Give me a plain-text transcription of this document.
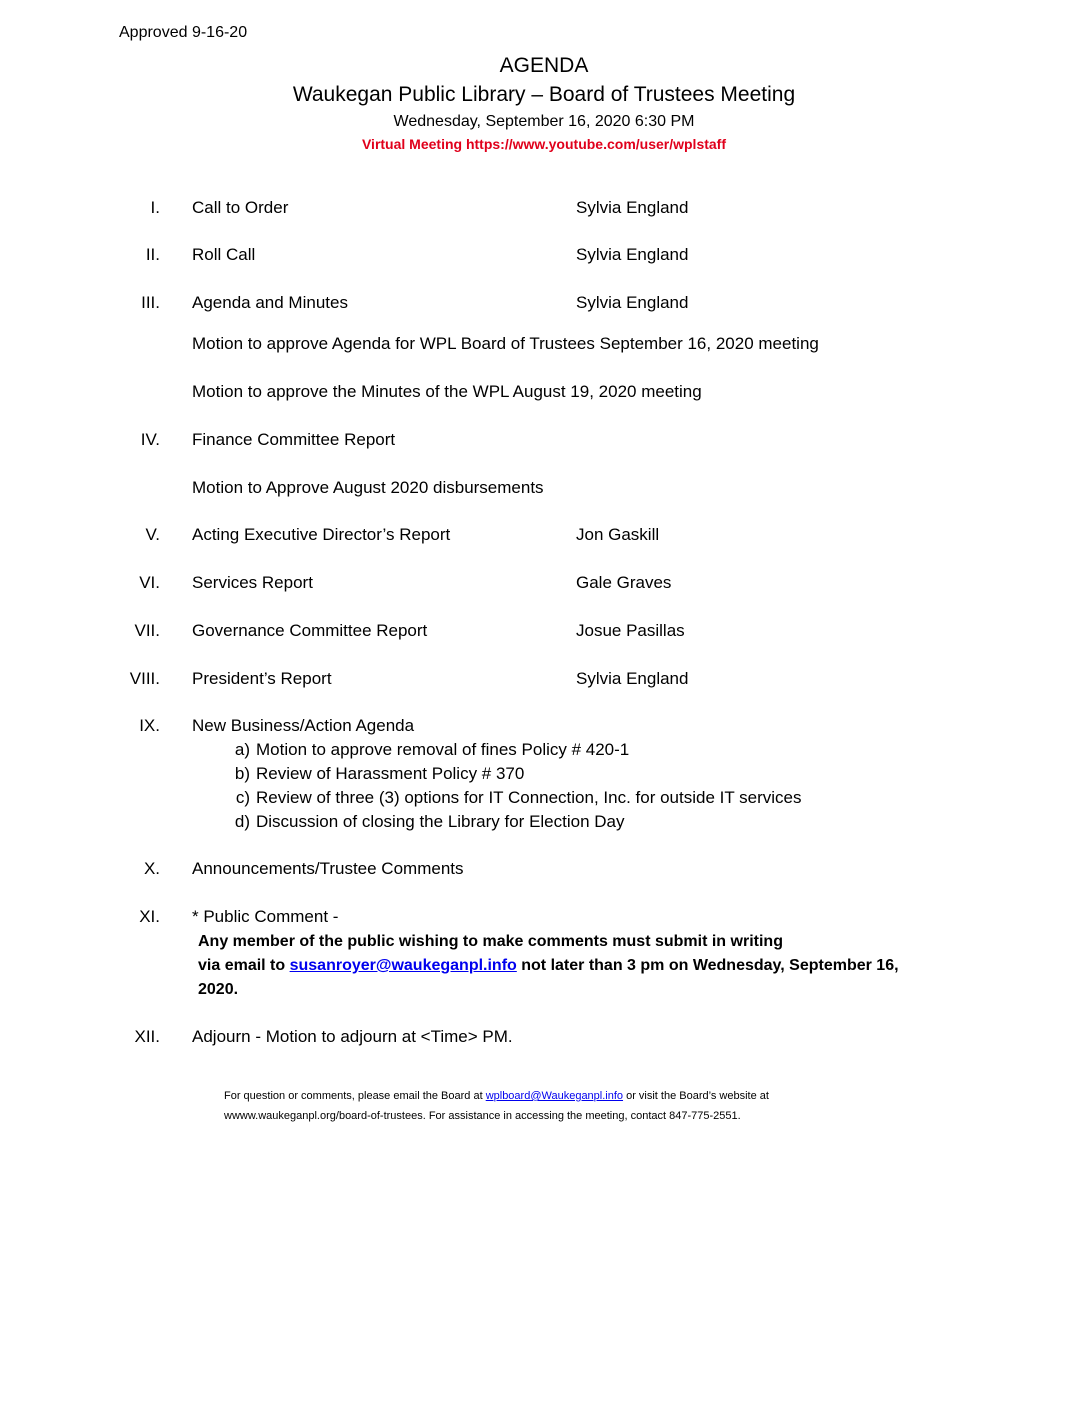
Approved 9-16-20
AGENDA
Waukegan Public Library – Board of Trustees Meeting
Wednesday, September 16, 2020 6:30 PM
Virtual Meeting https://www.youtube.com/user/wplstaff
I. Call to Order	Sylvia England
II. Roll Call	Sylvia England
III. Agenda and Minutes	Sylvia England
Motion to approve Agenda for WPL Board of Trustees September 16, 2020 meeting
Motion to approve the Minutes of the WPL August 19, 2020 meeting
IV. Finance Committee Report
Motion to Approve August 2020 disbursements
V. Acting Executive Director’s Report	Jon Gaskill
VI. Services Report	Gale Graves
VII. Governance Committee Report	Josue Pasillas
VIII. President’s Report	Sylvia England
IX. New Business/Action Agenda
a) Motion to approve removal of fines Policy # 420-1
b) Review of Harassment Policy # 370
c) Review of three (3) options for IT Connection, Inc. for outside IT services
d) Discussion of closing the Library for Election Day
X. Announcements/Trustee Comments
XI. * Public Comment -
Any member of the public wishing to make comments must submit in writing
via email to susanroyer@waukeganpl.info not later than 3 pm on Wednesday, September 16,
2020.
XII. Adjourn - Motion to adjourn at <Time> PM.
For question or comments, please email the Board at wplboard@Waukeganpl.info or visit the Board’s website at
wwww.waukeganpl.org/board-of-trustees. For assistance in accessing the meeting, contact 847-775-2551.
